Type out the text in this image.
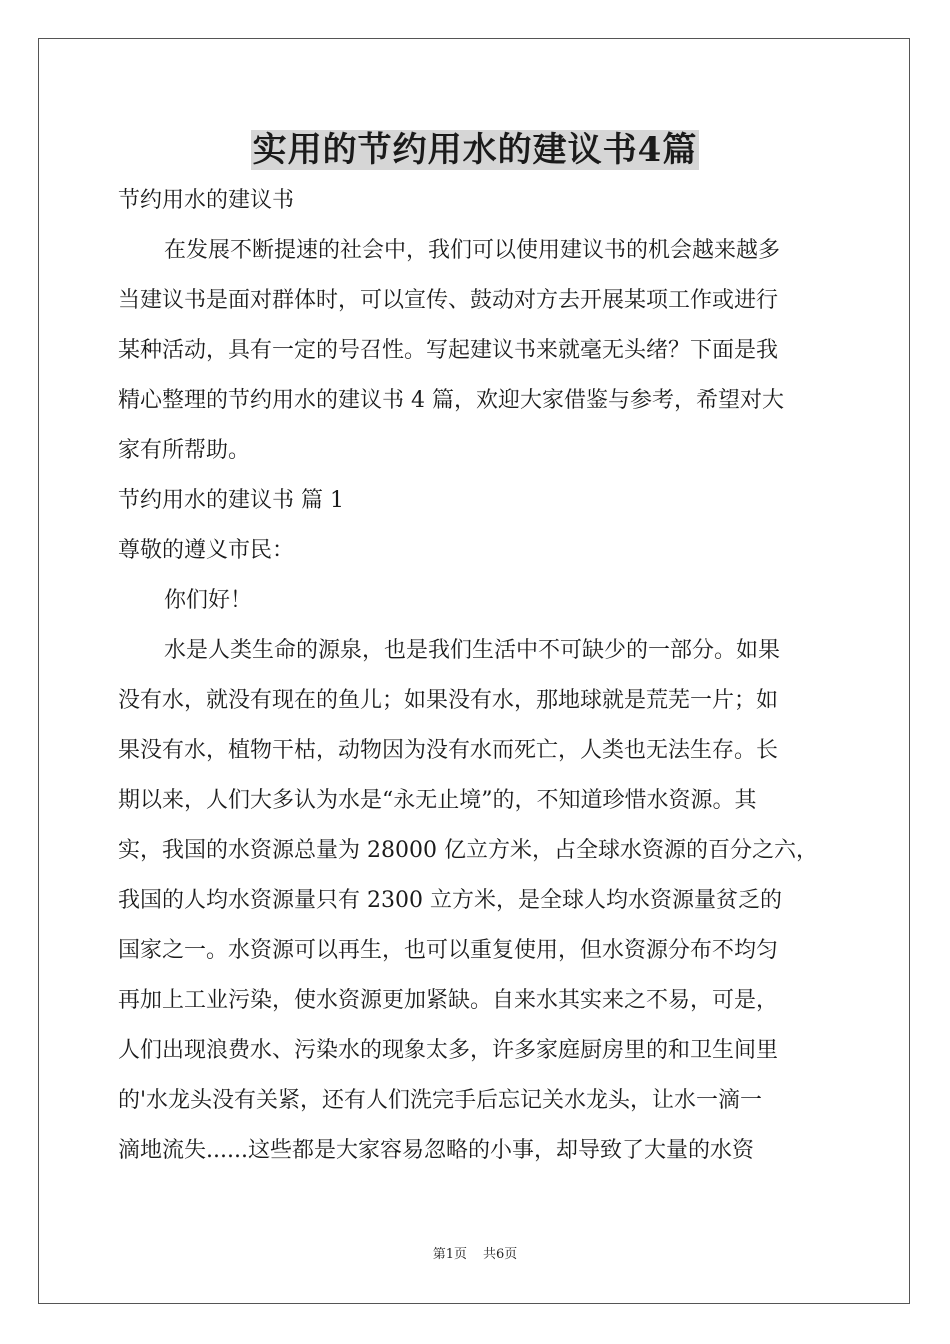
实用的节约用水的建议书4篇

节约用水的建议书

在发展不断提速的社会中，我们可以使用建议书的机会越来越多

当建议书是面对群体时，可以宣传、鼓动对方去开展某项工作或进行

某种活动，具有一定的号召性。写起建议书来就毫无头绪？下面是我

精心整理的节约用水的建议书 4 篇，欢迎大家借鉴与参考，希望对大

家有所帮助。

节约用水的建议书 篇 1

尊敬的遵义市民：

你们好！

水是人类生命的源泉，也是我们生活中不可缺少的一部分。如果

没有水，就没有现在的鱼儿；如果没有水，那地球就是荒芜一片；如

果没有水，植物干枯，动物因为没有水而死亡，人类也无法生存。长

期以来，人们大多认为水是“永无止境”的，不知道珍惜水资源。其

实，我国的水资源总量为 28000 亿立方米，占全球水资源的百分之六，

我国的人均水资源量只有 2300 立方米，是全球人均水资源量贫乏的

国家之一。水资源可以再生，也可以重复使用，但水资源分布不均匀

再加上工业污染，使水资源更加紧缺。自来水其实来之不易，可是，

人们出现浪费水、污染水的现象太多，许多家庭厨房里的和卫生间里

的'水龙头没有关紧，还有人们洗完手后忘记关水龙头，让水一滴一

滴地流失......这些都是大家容易忽略的小事，却导致了大量的水资

第1页 共6页
